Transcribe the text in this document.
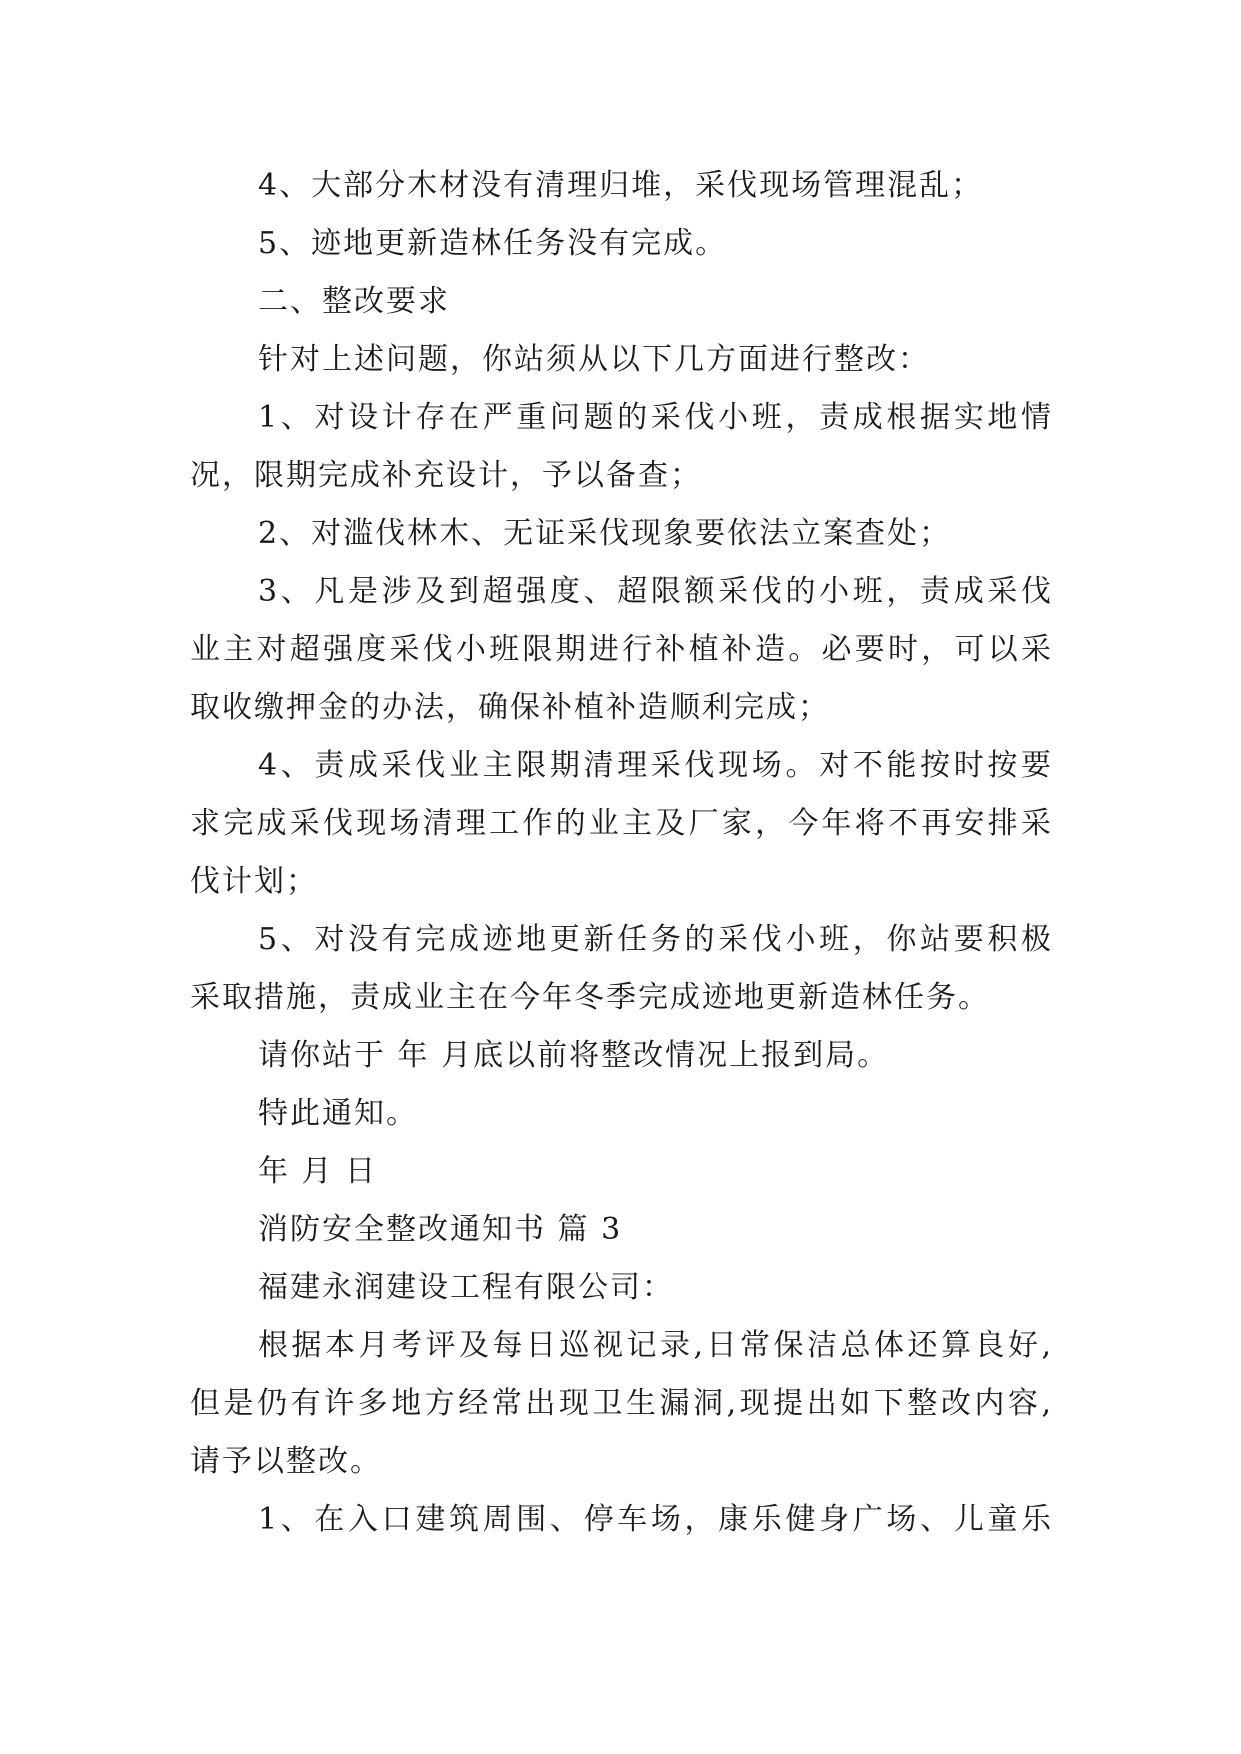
4、大部分木材没有清理归堆，采伐现场管理混乱；

5、迹地更新造林任务没有完成。

二、整改要求

针对上述问题，你站须从以下几方面进行整改：

1、对设计存在严重问题的采伐小班，责成根据实地情

况，限期完成补充设计，予以备查；

2、对滥伐林木、无证采伐现象要依法立案查处；

3、凡是涉及到超强度、超限额采伐的小班，责成采伐

业主对超强度采伐小班限期进行补植补造。必要时，可以采

取收缴押金的办法，确保补植补造顺利完成；

4、责成采伐业主限期清理采伐现场。对不能按时按要

求完成采伐现场清理工作的业主及厂家，今年将不再安排采

伐计划；

5、对没有完成迹地更新任务的采伐小班，你站要积极

采取措施，责成业主在今年冬季完成迹地更新造林任务。

请你站于 年 月底以前将整改情况上报到局。

特此通知。

年 月 日

消防安全整改通知书 篇 3

福建永润建设工程有限公司：

根据本月考评及每日巡视记录,日常保洁总体还算良好,

但是仍有许多地方经常出现卫生漏洞,现提出如下整改内容,

请予以整改。

1、在入口建筑周围、停车场，康乐健身广场、儿童乐
